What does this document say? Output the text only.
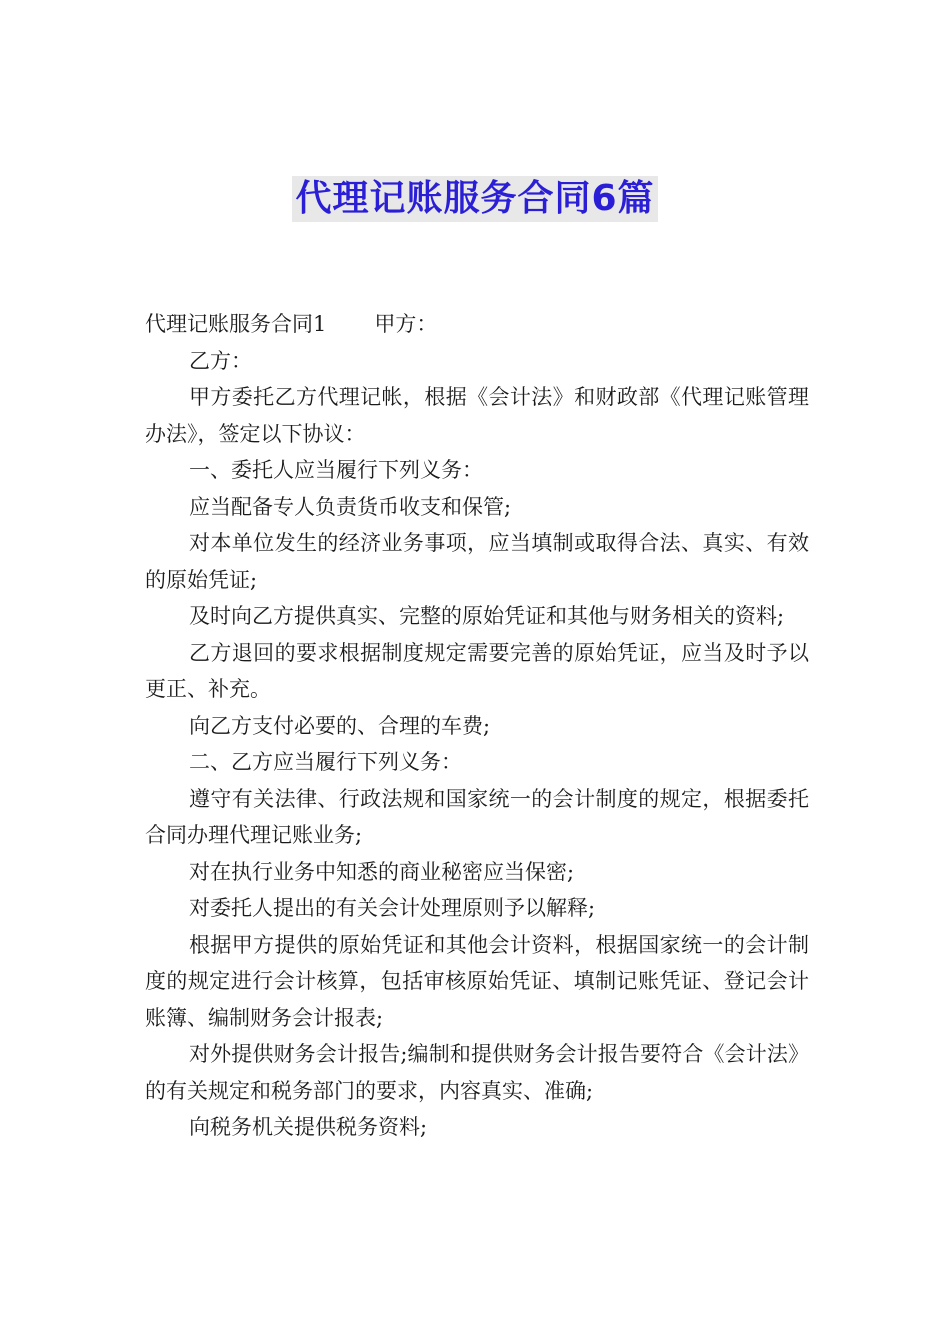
代理记账服务合同6篇

代理记账服务合同1 甲方：

乙方：

甲方委托乙方代理记帐，根据《会计法》和财政部《代理记账管理办法》，签定以下协议：

一、委托人应当履行下列义务：

应当配备专人负责货币收支和保管;

对本单位发生的经济业务事项，应当填制或取得合法、真实、有效的原始凭证;

及时向乙方提供真实、完整的原始凭证和其他与财务相关的资料;

乙方退回的要求根据制度规定需要完善的原始凭证，应当及时予以更正、补充。

向乙方支付必要的、合理的车费;

二、乙方应当履行下列义务：

遵守有关法律、行政法规和国家统一的会计制度的规定，根据委托合同办理代理记账业务;

对在执行业务中知悉的商业秘密应当保密;

对委托人提出的有关会计处理原则予以解释;

根据甲方提供的原始凭证和其他会计资料，根据国家统一的会计制度的规定进行会计核算，包括审核原始凭证、填制记账凭证、登记会计账簿、编制财务会计报表;

对外提供财务会计报告;编制和提供财务会计报告要符合《会计法》的有关规定和税务部门的要求，内容真实、准确;

向税务机关提供税务资料;
